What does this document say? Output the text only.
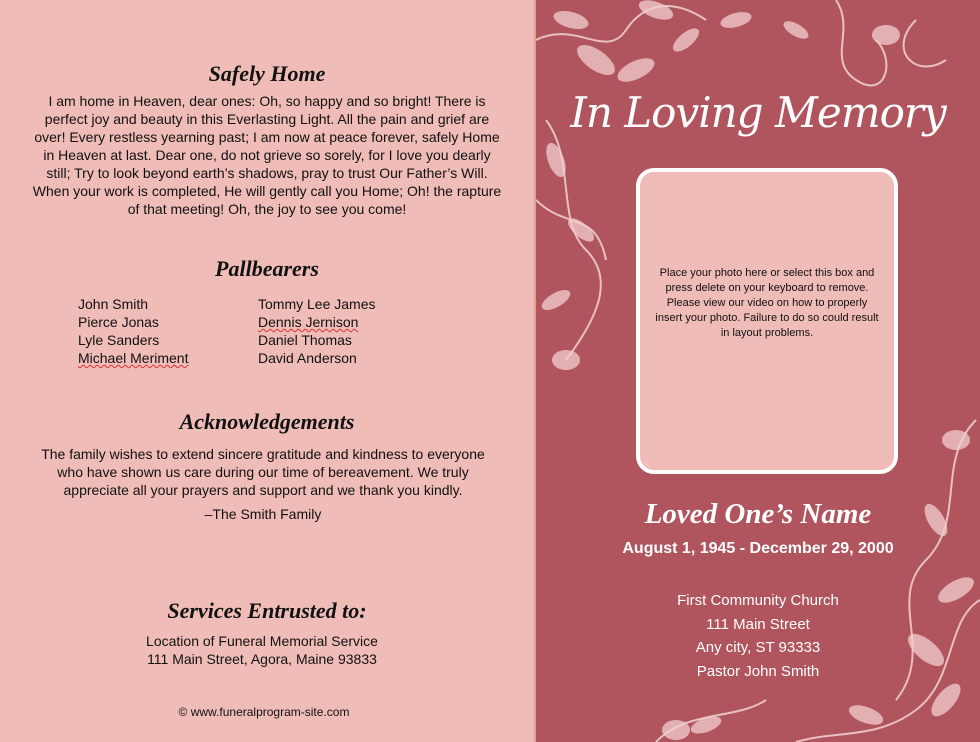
Safely Home
I am home in Heaven, dear ones: Oh, so happy and so bright! There is perfect joy and beauty in this Everlasting Light. All the pain and grief are over! Every restless yearning past; I am now at peace forever, safely Home in Heaven at last. Dear one, do not grieve so sorely, for I love you dearly still; Try to look beyond earth’s shadows, pray to trust Our Father’s Will. When your work is completed, He will gently call you Home; Oh! the rapture of that meeting! Oh, the joy to see you come!
Pallbearers
John Smith
Pierce Jonas
Lyle Sanders
Michael Meriment
Tommy Lee James
Dennis Jernison
Daniel Thomas
David Anderson
Acknowledgements
The family wishes to extend sincere gratitude and kindness to everyone who have shown us care during our time of bereavement. We truly appreciate all your prayers and support and we thank you kindly.
–The Smith Family
Services Entrusted to:
Location of Funeral Memorial Service
111 Main Street, Agora, Maine 93833
© www.funeralprogram-site.com
In Loving Memory
Place your photo here or select this box and press delete on your keyboard to remove. Please view our video on how to properly insert your photo. Failure to do so could result in layout problems.
Loved One’s Name
August 1, 1945 - December 29, 2000
First Community Church
111 Main Street
Any city, ST 93333
Pastor John Smith
